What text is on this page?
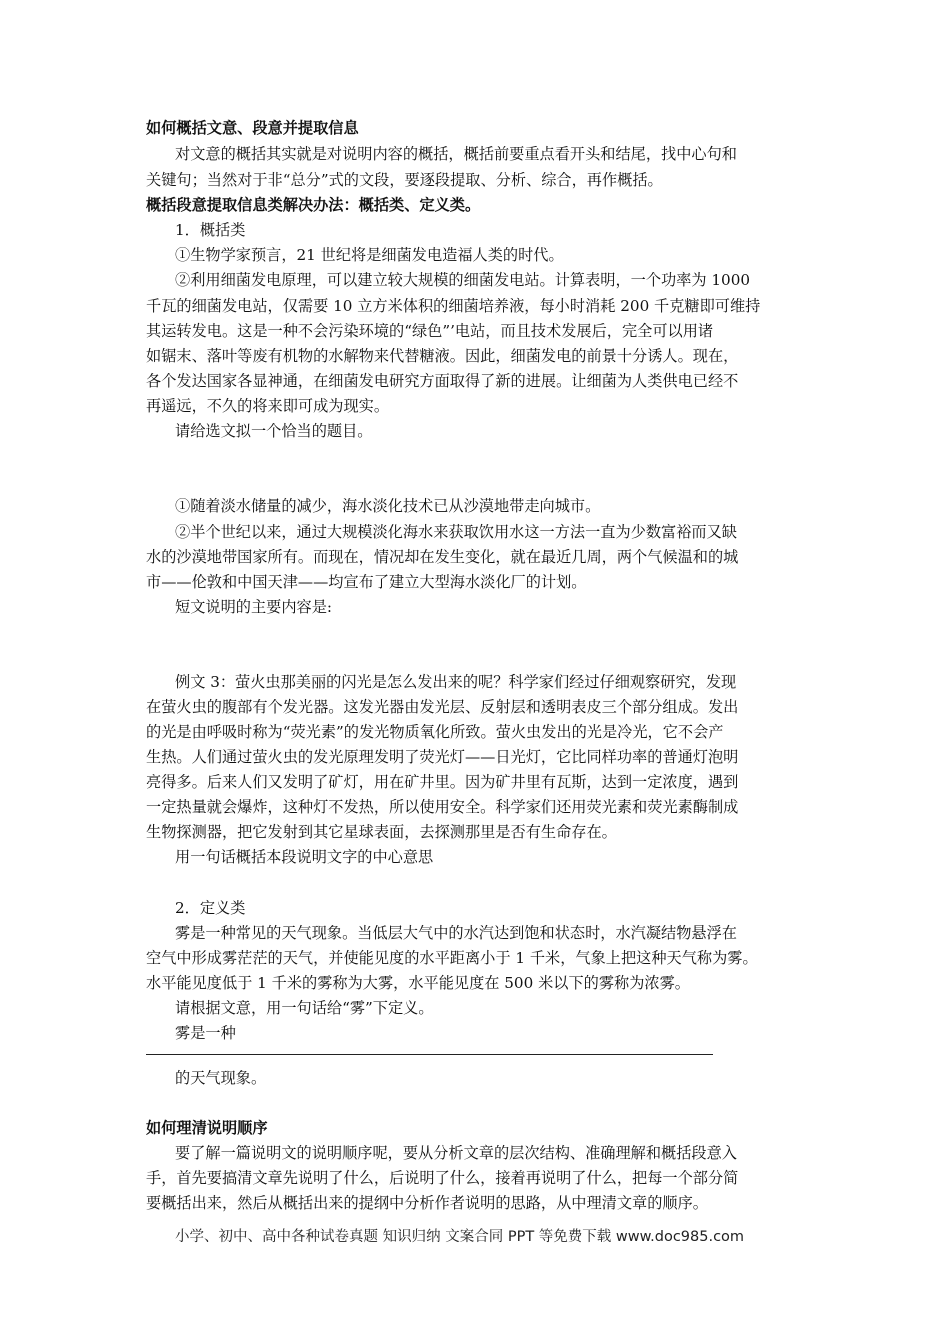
如何概括文意、段意并提取信息
对文意的概括其实就是对说明内容的概括，概括前要重点看开头和结尾，找中心句和
关键句；当然对于非“总分”式的文段，要逐段提取、分析、综合，再作概括。
概括段意提取信息类解决办法：概括类、定义类。
1．概括类
①生物学家预言，21 世纪将是细菌发电造福人类的时代。
②利用细菌发电原理，可以建立较大规模的细菌发电站。计算表明，一个功率为 1000
千瓦的细菌发电站，仅需要 10 立方米体积的细菌培养液，每小时消耗 200 千克糖即可维持
其运转发电。这是一种不会污染环境的“绿色”’电站，而且技术发展后，完全可以用诸
如锯末、落叶等废有机物的水解物来代替糖液。因此，细菌发电的前景十分诱人。现在，
各个发达国家各显神通，在细菌发电研究方面取得了新的进展。让细菌为人类供电已经不
再遥远，不久的将来即可成为现实。
请给选文拟一个恰当的题目。
①随着淡水储量的减少，海水淡化技术已从沙漠地带走向城市。
②半个世纪以来，通过大规模淡化海水来获取饮用水这一方法一直为少数富裕而又缺
水的沙漠地带国家所有。而现在，情况却在发生变化，就在最近几周，两个气候温和的城
市——伦敦和中国天津——均宣布了建立大型海水淡化厂的计划。
短文说明的主要内容是:
例文 3：萤火虫那美丽的闪光是怎么发出来的呢？科学家们经过仔细观察研究，发现
在萤火虫的腹部有个发光器。这发光器由发光层、反射层和透明表皮三个部分组成。发出
的光是由呼吸时称为“荧光素”的发光物质氧化所致。萤火虫发出的光是冷光，它不会产
生热。人们通过萤火虫的发光原理发明了荧光灯——日光灯，它比同样功率的普通灯泡明
亮得多。后来人们又发明了矿灯，用在矿井里。因为矿井里有瓦斯，达到一定浓度，遇到
一定热量就会爆炸，这种灯不发热，所以使用安全。科学家们还用荧光素和荧光素酶制成
生物探测器，把它发射到其它星球表面，去探测那里是否有生命存在。
用一句话概括本段说明文字的中心意思
2．定义类
雾是一种常见的天气现象。当低层大气中的水汽达到饱和状态时，水汽凝结物悬浮在
空气中形成雾茫茫的天气，并使能见度的水平距离小于 1 千米，气象上把这种天气称为雾。
水平能见度低于 1 千米的雾称为大雾，水平能见度在 500 米以下的雾称为浓雾。
请根据文意，用一句话给“雾”下定义。
雾是一种
的天气现象。
如何理清说明顺序
要了解一篇说明文的说明顺序呢，要从分析文章的层次结构、准确理解和概括段意入
手，首先要搞清文章先说明了什么，后说明了什么，接着再说明了什么，把每一个部分简
要概括出来，然后从概括出来的提纲中分析作者说明的思路，从中理清文章的顺序。
小学、初中、高中各种试卷真题 知识归纳 文案合同 PPT 等免费下载 www.doc985.com
